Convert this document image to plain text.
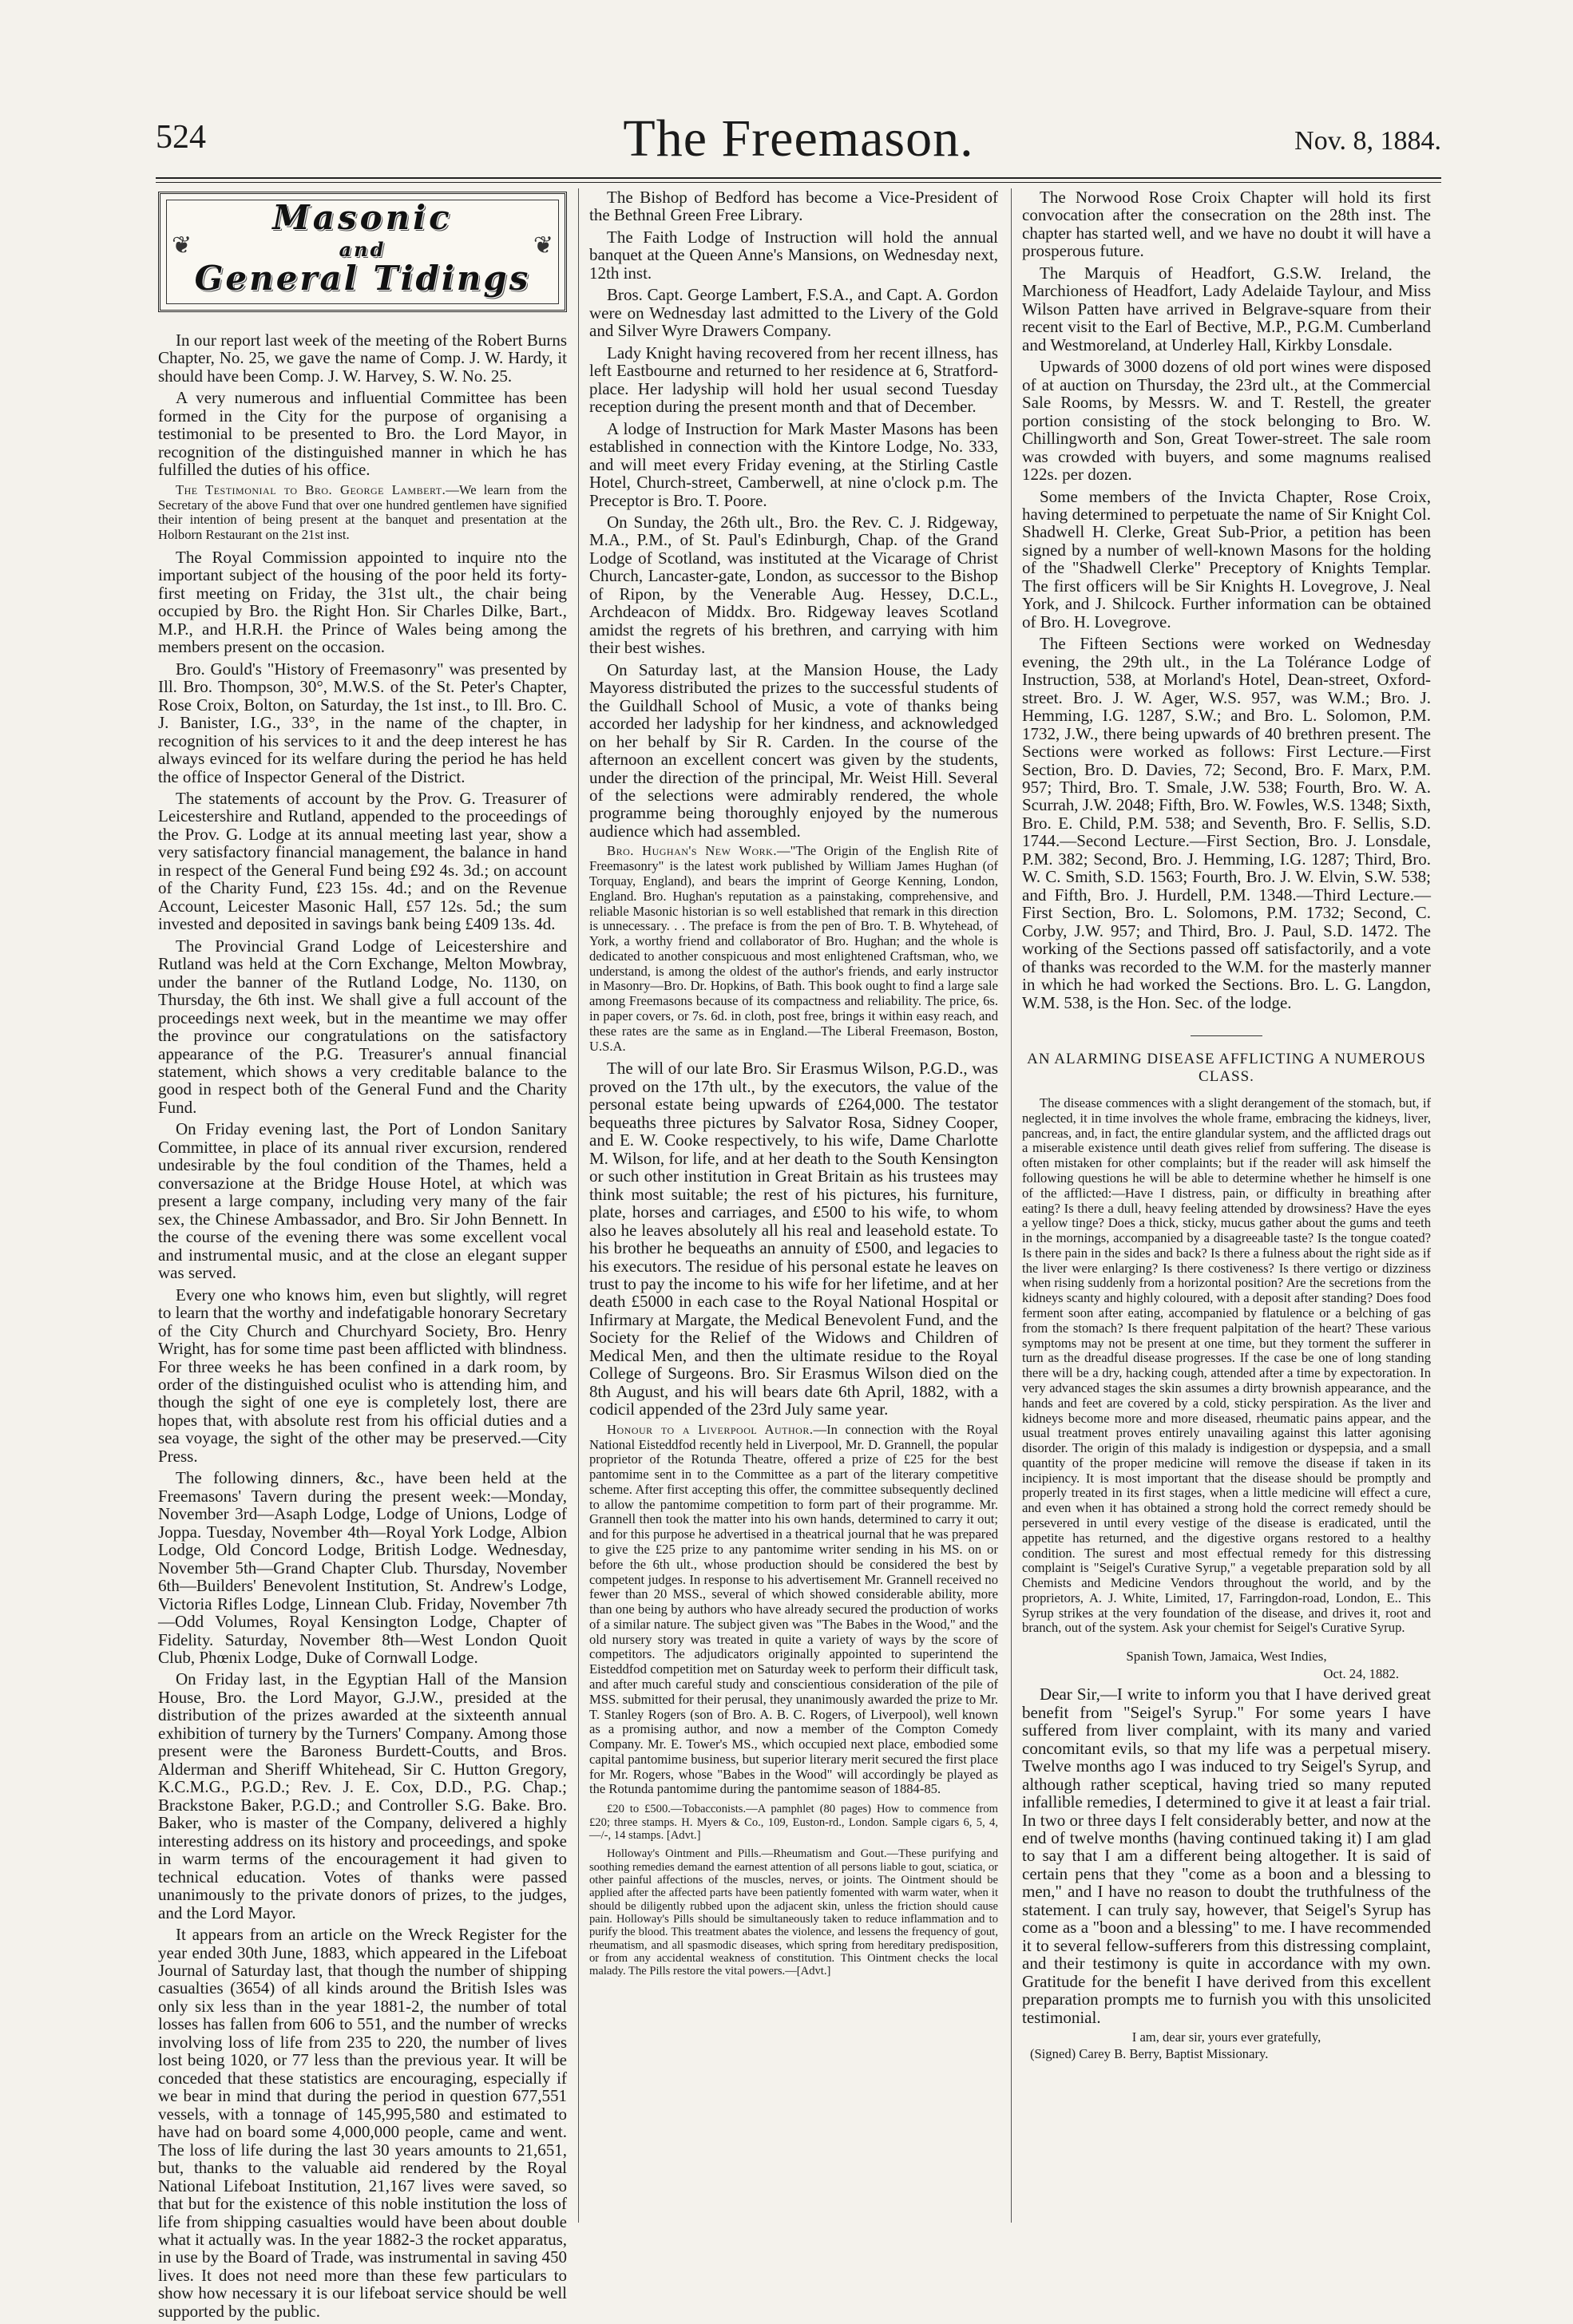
524	The Freemason.	Nov. 8, 1884.
❦	❦
Masonic
and
General Tidings

In our report last week of the meeting of the Robert Burns Chapter, No. 25, we gave the name of Comp. J. W. Hardy, it should have been Comp. J. W. Harvey, S. W. No. 25.

A very numerous and influential Committee has been formed in the City for the purpose of organising a testimonial to be presented to Bro. the Lord Mayor, in recognition of the distinguished manner in which he has fulfilled the duties of his office.

The Testimonial to Bro. George Lambert.—We learn from the Secretary of the above Fund that over one hundred gentlemen have signified their intention of being present at the banquet and presentation at the Holborn Restaurant on the 21st inst.

The Royal Commission appointed to inquire nto the important subject of the housing of the poor held its forty-first meeting on Friday, the 31st ult., the chair being occupied by Bro. the Right Hon. Sir Charles Dilke, Bart., M.P., and H.R.H. the Prince of Wales being among the members present on the occasion.

Bro. Gould's "History of Freemasonry" was presented by Ill. Bro. Thompson, 30°, M.W.S. of the St. Peter's Chapter, Rose Croix, Bolton, on Saturday, the 1st inst., to Ill. Bro. C. J. Banister, I.G., 33°, in the name of the chapter, in recognition of his services to it and the deep interest he has always evinced for its welfare during the period he has held the office of Inspector General of the District.

The statements of account by the Prov. G. Treasurer of Leicestershire and Rutland, appended to the proceedings of the Prov. G. Lodge at its annual meeting last year, show a very satisfactory financial management, the balance in hand in respect of the General Fund being £92 4s. 3d.; on account of the Charity Fund, £23 15s. 4d.; and on the Revenue Account, Leicester Masonic Hall, £57 12s. 5d.; the sum invested and deposited in savings bank being £409 13s. 4d.

The Provincial Grand Lodge of Leicestershire and Rutland was held at the Corn Exchange, Melton Mowbray, under the banner of the Rutland Lodge, No. 1130, on Thursday, the 6th inst. We shall give a full account of the proceedings next week, but in the meantime we may offer the province our congratulations on the satisfactory appearance of the P.G. Treasurer's annual financial statement, which shows a very creditable balance to the good in respect both of the General Fund and the Charity Fund.

On Friday evening last, the Port of London Sanitary Committee, in place of its annual river excursion, rendered undesirable by the foul condition of the Thames, held a conversazione at the Bridge House Hotel, at which was present a large company, including very many of the fair sex, the Chinese Ambassador, and Bro. Sir John Bennett. In the course of the evening there was some excellent vocal and instrumental music, and at the close an elegant supper was served.

Every one who knows him, even but slightly, will regret to learn that the worthy and indefatigable honorary Secretary of the City Church and Churchyard Society, Bro. Henry Wright, has for some time past been afflicted with blindness. For three weeks he has been confined in a dark room, by order of the distinguished oculist who is attending him, and though the sight of one eye is completely lost, there are hopes that, with absolute rest from his official duties and a sea voyage, the sight of the other may be preserved.—City Press.

The following dinners, &c., have been held at the Freemasons' Tavern during the present week:—Monday, November 3rd—Asaph Lodge, Lodge of Unions, Lodge of Joppa. Tuesday, November 4th—Royal York Lodge, Albion Lodge, Old Concord Lodge, British Lodge. Wednesday, November 5th—Grand Chapter Club. Thursday, November 6th—Builders' Benevolent Institution, St. Andrew's Lodge, Victoria Rifles Lodge, Linnean Club. Friday, November 7th—Odd Volumes, Royal Kensington Lodge, Chapter of Fidelity. Saturday, November 8th—West London Quoit Club, Phœnix Lodge, Duke of Cornwall Lodge.

On Friday last, in the Egyptian Hall of the Mansion House, Bro. the Lord Mayor, G.J.W., presided at the distribution of the prizes awarded at the sixteenth annual exhibition of turnery by the Turners' Company. Among those present were the Baroness Burdett-Coutts, and Bros. Alderman and Sheriff Whitehead, Sir C. Hutton Gregory, K.C.M.G., P.G.D.; Rev. J. E. Cox, D.D., P.G. Chap.; Brackstone Baker, P.G.D.; and Controller S.G. Bake. Bro. Baker, who is master of the Company, delivered a highly interesting address on its history and proceedings, and spoke in warm terms of the encouragement it had given to technical education. Votes of thanks were passed unanimously to the private donors of prizes, to the judges, and the Lord Mayor.

It appears from an article on the Wreck Register for the year ended 30th June, 1883, which appeared in the Lifeboat Journal of Saturday last, that though the number of shipping casualties (3654) of all kinds around the British Isles was only six less than in the year 1881-2, the number of total losses has fallen from 606 to 551, and the number of wrecks involving loss of life from 235 to 220, the number of lives lost being 1020, or 77 less than the previous year. It will be conceded that these statistics are encouraging, especially if we bear in mind that during the period in question 677,551 vessels, with a tonnage of 145,995,580 and estimated to have had on board some 4,000,000 people, came and went. The loss of life during the last 30 years amounts to 21,651, but, thanks to the valuable aid rendered by the Royal National Lifeboat Institution, 21,167 lives were saved, so that but for the existence of this noble institution the loss of life from shipping casualties would have been about double what it actually was. In the year 1882-3 the rocket apparatus, in use by the Board of Trade, was instrumental in saving 450 lives. It does not need more than these few particulars to show how necessary it is our lifeboat service should be well supported by the public.

The Bishop of Bedford has become a Vice-President of the Bethnal Green Free Library.

The Faith Lodge of Instruction will hold the annual banquet at the Queen Anne's Mansions, on Wednesday next, 12th inst.

Bros. Capt. George Lambert, F.S.A., and Capt. A. Gordon were on Wednesday last admitted to the Livery of the Gold and Silver Wyre Drawers Company.

Lady Knight having recovered from her recent illness, has left Eastbourne and returned to her residence at 6, Stratford-place. Her ladyship will hold her usual second Tuesday reception during the present month and that of December.

A lodge of Instruction for Mark Master Masons has been established in connection with the Kintore Lodge, No. 333, and will meet every Friday evening, at the Stirling Castle Hotel, Church-street, Camberwell, at nine o'clock p.m. The Preceptor is Bro. T. Poore.

On Sunday, the 26th ult., Bro. the Rev. C. J. Ridgeway, M.A., P.M., of St. Paul's Edinburgh, Chap. of the Grand Lodge of Scotland, was instituted at the Vicarage of Christ Church, Lancaster-gate, London, as successor to the Bishop of Ripon, by the Venerable Aug. Hessey, D.C.L., Archdeacon of Middx. Bro. Ridgeway leaves Scotland amidst the regrets of his brethren, and carrying with him their best wishes.

On Saturday last, at the Mansion House, the Lady Mayoress distributed the prizes to the successful students of the Guildhall School of Music, a vote of thanks being accorded her ladyship for her kindness, and acknowledged on her behalf by Sir R. Carden. In the course of the afternoon an excellent concert was given by the students, under the direction of the principal, Mr. Weist Hill. Several of the selections were admirably rendered, the whole programme being thoroughly enjoyed by the numerous audience which had assembled.

Bro. Hughan's New Work.—"The Origin of the English Rite of Freemasonry" is the latest work published by William James Hughan (of Torquay, England), and bears the imprint of George Kenning, London, England. Bro. Hughan's reputation as a painstaking, comprehensive, and reliable Masonic historian is so well established that remark in this direction is unnecessary. . . The preface is from the pen of Bro. T. B. Whytehead, of York, a worthy friend and collaborator of Bro. Hughan; and the whole is dedicated to another conspicuous and most enlightened Craftsman, who, we understand, is among the oldest of the author's friends, and early instructor in Masonry—Bro. Dr. Hopkins, of Bath. This book ought to find a large sale among Freemasons because of its compactness and reliability. The price, 6s. in paper covers, or 7s. 6d. in cloth, post free, brings it within easy reach, and these rates are the same as in England.—The Liberal Freemason, Boston, U.S.A.

The will of our late Bro. Sir Erasmus Wilson, P.G.D., was proved on the 17th ult., by the executors, the value of the personal estate being upwards of £264,000. The testator bequeaths three pictures by Salvator Rosa, Sidney Cooper, and E. W. Cooke respectively, to his wife, Dame Charlotte M. Wilson, for life, and at her death to the South Kensington or such other institution in Great Britain as his trustees may think most suitable; the rest of his pictures, his furniture, plate, horses and carriages, and £500 to his wife, to whom also he leaves absolutely all his real and leasehold estate. To his brother he bequeaths an annuity of £500, and legacies to his executors. The residue of his personal estate he leaves on trust to pay the income to his wife for her lifetime, and at her death £5000 in each case to the Royal National Hospital or Infirmary at Margate, the Medical Benevolent Fund, and the Society for the Relief of the Widows and Children of Medical Men, and then the ultimate residue to the Royal College of Surgeons. Bro. Sir Erasmus Wilson died on the 8th August, and his will bears date 6th April, 1882, with a codicil appended of the 23rd July same year.

Honour to a Liverpool Author.—In connection with the Royal National Eisteddfod recently held in Liverpool, Mr. D. Grannell, the popular proprietor of the Rotunda Theatre, offered a prize of £25 for the best pantomime sent in to the Committee as a part of the literary competitive scheme. After first accepting this offer, the committee subsequently declined to allow the pantomime competition to form part of their programme. Mr. Grannell then took the matter into his own hands, determined to carry it out; and for this purpose he advertised in a theatrical journal that he was prepared to give the £25 prize to any pantomime writer sending in his MS. on or before the 6th ult., whose production should be considered the best by competent judges. In response to his advertisement Mr. Grannell received no fewer than 20 MSS., several of which showed considerable ability, more than one being by authors who have already secured the production of works of a similar nature. The subject given was "The Babes in the Wood," and the old nursery story was treated in quite a variety of ways by the score of competitors. The adjudicators originally appointed to superintend the Eisteddfod competition met on Saturday week to perform their difficult task, and after much careful study and conscientious consideration of the pile of MSS. submitted for their perusal, they unanimously awarded the prize to Mr. T. Stanley Rogers (son of Bro. A. B. C. Rogers, of Liverpool), well known as a promising author, and now a member of the Compton Comedy Company. Mr. E. Tower's MS., which occupied next place, embodied some capital pantomime business, but superior literary merit secured the first place for Mr. Rogers, whose "Babes in the Wood" will accordingly be played as the Rotunda pantomime during the pantomime season of 1884-85.

£20 to £500.—Tobacconists.—A pamphlet (80 pages) How to commence from £20; three stamps. H. Myers & Co., 109, Euston-rd., London. Sample cigars 6, 5, 4,—/-, 14 stamps. [Advt.]

Holloway's Ointment and Pills.—Rheumatism and Gout.—These purifying and soothing remedies demand the earnest attention of all persons liable to gout, sciatica, or other painful affections of the muscles, nerves, or joints. The Ointment should be applied after the affected parts have been patiently fomented with warm water, when it should be diligently rubbed upon the adjacent skin, unless the friction should cause pain. Holloway's Pills should be simultaneously taken to reduce inflammation and to purify the blood. This treatment abates the violence, and lessens the frequency of gout, rheumatism, and all spasmodic diseases, which spring from hereditary predisposition, or from any accidental weakness of constitution. This Ointment checks the local malady. The Pills restore the vital powers.—[Advt.]

The Norwood Rose Croix Chapter will hold its first convocation after the consecration on the 28th inst. The chapter has started well, and we have no doubt it will have a prosperous future.

The Marquis of Headfort, G.S.W. Ireland, the Marchioness of Headfort, Lady Adelaide Taylour, and Miss Wilson Patten have arrived in Belgrave-square from their recent visit to the Earl of Bective, M.P., P.G.M. Cumberland and Westmoreland, at Underley Hall, Kirkby Lonsdale.

Upwards of 3000 dozens of old port wines were disposed of at auction on Thursday, the 23rd ult., at the Commercial Sale Rooms, by Messrs. W. and T. Restell, the greater portion consisting of the stock belonging to Bro. W. Chillingworth and Son, Great Tower-street. The sale room was crowded with buyers, and some magnums realised 122s. per dozen.

Some members of the Invicta Chapter, Rose Croix, having determined to perpetuate the name of Sir Knight Col. Shadwell H. Clerke, Great Sub-Prior, a petition has been signed by a number of well-known Masons for the holding of the "Shadwell Clerke" Preceptory of Knights Templar. The first officers will be Sir Knights H. Lovegrove, J. Neal York, and J. Shilcock. Further information can be obtained of Bro. H. Lovegrove.

The Fifteen Sections were worked on Wednesday evening, the 29th ult., in the La Tolérance Lodge of Instruction, 538, at Morland's Hotel, Dean-street, Oxford-street. Bro. J. W. Ager, W.S. 957, was W.M.; Bro. J. Hemming, I.G. 1287, S.W.; and Bro. L. Solomon, P.M. 1732, J.W., there being upwards of 40 brethren present. The Sections were worked as follows: First Lecture.—First Section, Bro. D. Davies, 72; Second, Bro. F. Marx, P.M. 957; Third, Bro. T. Smale, J.W. 538; Fourth, Bro. W. A. Scurrah, J.W. 2048; Fifth, Bro. W. Fowles, W.S. 1348; Sixth, Bro. E. Child, P.M. 538; and Seventh, Bro. F. Sellis, S.D. 1744.—Second Lecture.—First Section, Bro. J. Lonsdale, P.M. 382; Second, Bro. J. Hemming, I.G. 1287; Third, Bro. W. C. Smith, S.D. 1563; Fourth, Bro. J. W. Elvin, S.W. 538; and Fifth, Bro. J. Hurdell, P.M. 1348.—Third Lecture.—First Section, Bro. L. Solomons, P.M. 1732; Second, C. Corby, J.W. 957; and Third, Bro. J. Paul, S.D. 1472. The working of the Sections passed off satisfactorily, and a vote of thanks was recorded to the W.M. for the masterly manner in which he had worked the Sections. Bro. L. G. Langdon, W.M. 538, is the Hon. Sec. of the lodge.

AN ALARMING DISEASE AFFLICTING A NUMEROUS CLASS.

The disease commences with a slight derangement of the stomach, but, if neglected, it in time involves the whole frame, embracing the kidneys, liver, pancreas, and, in fact, the entire glandular system, and the afflicted drags out a miserable existence until death gives relief from suffering. The disease is often mistaken for other complaints; but if the reader will ask himself the following questions he will be able to determine whether he himself is one of the afflicted:—Have I distress, pain, or difficulty in breathing after eating? Is there a dull, heavy feeling attended by drowsiness? Have the eyes a yellow tinge? Does a thick, sticky, mucus gather about the gums and teeth in the mornings, accompanied by a disagreeable taste? Is the tongue coated? Is there pain in the sides and back? Is there a fulness about the right side as if the liver were enlarging? Is there costiveness? Is there vertigo or dizziness when rising suddenly from a horizontal position? Are the secretions from the kidneys scanty and highly coloured, with a deposit after standing? Does food ferment soon after eating, accompanied by flatulence or a belching of gas from the stomach? Is there frequent palpitation of the heart? These various symptoms may not be present at one time, but they torment the sufferer in turn as the dreadful disease progresses. If the case be one of long standing there will be a dry, hacking cough, attended after a time by expectoration. In very advanced stages the skin assumes a dirty brownish appearance, and the hands and feet are covered by a cold, sticky perspiration. As the liver and kidneys become more and more diseased, rheumatic pains appear, and the usual treatment proves entirely unavailing against this latter agonising disorder. The origin of this malady is indigestion or dyspepsia, and a small quantity of the proper medicine will remove the disease if taken in its incipiency. It is most important that the disease should be promptly and properly treated in its first stages, when a little medicine will effect a cure, and even when it has obtained a strong hold the correct remedy should be persevered in until every vestige of the disease is eradicated, until the appetite has returned, and the digestive organs restored to a healthy condition. The surest and most effectual remedy for this distressing complaint is "Seigel's Curative Syrup," a vegetable preparation sold by all Chemists and Medicine Vendors throughout the world, and by the proprietors, A. J. White, Limited, 17, Farringdon-road, London, E.. This Syrup strikes at the very foundation of the disease, and drives it, root and branch, out of the system. Ask your chemist for Seigel's Curative Syrup.

Spanish Town, Jamaica, West Indies,

Oct. 24, 1882.

Dear Sir,—I write to inform you that I have derived great benefit from "Seigel's Syrup." For some years I have suffered from liver complaint, with its many and varied concomitant evils, so that my life was a perpetual misery. Twelve months ago I was induced to try Seigel's Syrup, and although rather sceptical, having tried so many reputed infallible remedies, I determined to give it at least a fair trial. In two or three days I felt considerably better, and now at the end of twelve months (having continued taking it) I am glad to say that I am a different being altogether. It is said of certain pens that they "come as a boon and a blessing to men," and I have no reason to doubt the truthfulness of the statement. I can truly say, however, that Seigel's Syrup has come as a "boon and a blessing" to me. I have recommended it to several fellow-sufferers from this distressing complaint, and their testimony is quite in accordance with my own. Gratitude for the benefit I have derived from this excellent preparation prompts me to furnish you with this unsolicited testimonial.

I am, dear sir, yours ever gratefully,

(Signed) Carey B. Berry, Baptist Missionary.
